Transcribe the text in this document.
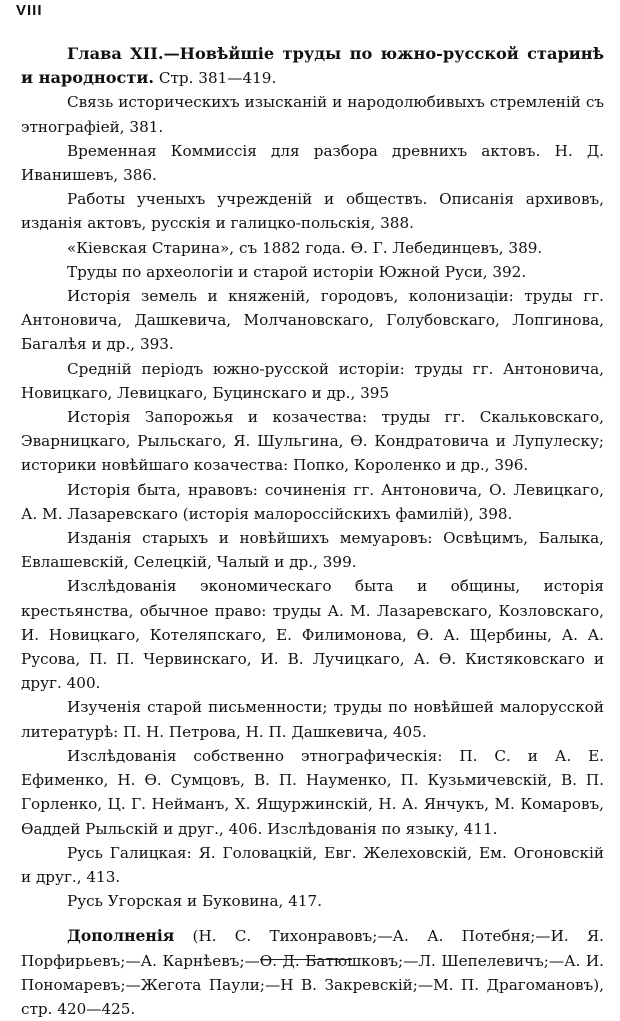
VIII

Глава XII.—Новѣйшіе труды по южно-русской старинѣ и народности. Стр. 381—419.

Связь историческихъ изысканій и народолюбивыхъ стремленій съ этнографіей, 381.

Временная Коммиссія для разбора древнихъ актовъ. Н. Д. Иванишевъ, 386.

Работы ученыхъ учрежденій и обществъ. Описанія архивовъ, изданія актовъ, русскія и галицко-польскія, 388.

«Кіевская Старина», съ 1882 года. Ѳ. Г. Лебединцевъ, 389.

Труды по археологіи и старой исторіи Южной Руси, 392.

Исторія земель и княженій, городовъ, колонизаціи: труды гг. Антоновича, Дашкевича, Молчановскаго, Голубовскаго, Лопгинова, Багалѣя и др., 393.

Средній періодъ южно-русской исторіи: труды гг. Антоновича, Новицкаго, Левицкаго, Буцинскаго и др., 395

Исторія Запорожья и козачества: труды гг. Скальковскаго, Эварницкаго, Рыльскаго, Я. Шульгина, Ѳ. Кондратовича и Лупулеску; историки новѣйшаго козачества: Попко, Короленко и др., 396.

Исторія быта, нравовъ: сочиненія гг. Антоновича, О. Левицкаго, А. М. Лазаревскаго (исторія малороссійскихъ фамилій), 398.

Изданія старыхъ и новѣйшихъ мемуаровъ: Освѣцимъ, Балыка, Евлашевскій, Селецкій, Чалый и др., 399.

Изслѣдованія экономическаго быта и общины, исторія крестьянства, обычное право: труды А. М. Лазаревскаго, Козловскаго, И. Новицкаго, Котеляпскаго, Е. Филимонова, Ѳ. А. Щербины, А. А. Русова, П. П. Червинскаго, И. В. Лучицкаго, А. Ѳ. Кистяковскаго и друг. 400.

Изученія старой письменности; труды по новѣйшей малорусской литературѣ: П. Н. Петрова, Н. П. Дашкевича, 405.

Изслѣдованія собственно этнографическія: П. С. и А. Е. Ефименко, Н. Ѳ. Сумцовъ, В. П. Науменко, П. Кузьмичевскій, В. П. Горленко, Ц. Г. Нейманъ, Х. Ящуржинскій, Н. А. Янчукъ, М. Комаровъ, Ѳаддей Рыльскій и друг., 406. Изслѣдованія по языку, 411.

Русь Галицкая: Я. Головацкій, Евг. Желеховскій, Ем. Огоновскій и друг., 413.

Русь Угорская и Буковина, 417.

Дополненія (Н. С. Тихонравовъ;—А. А. Потебня;—И. Я. Порфирьевъ;—А. Карнѣевъ;—Ѳ. Д. Батюшковъ;—Л. Шепелевичъ;—А. И. Пономаревъ;—Жегота Паули;—Н В. Закревскій;—М. П. Драгомановъ), стр. 420—425.
